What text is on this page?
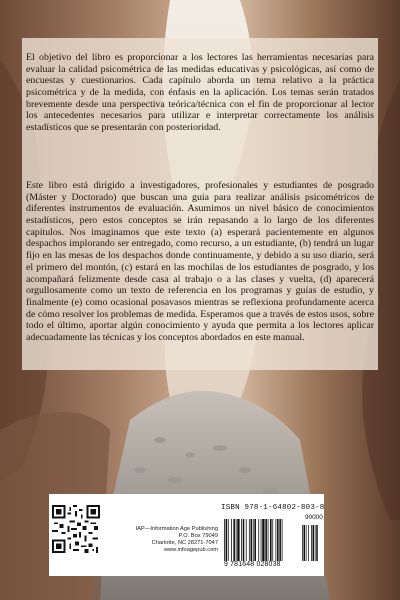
El objetivo del libro es proporcionar a los lectores las herramientas necesarias para evaluar la calidad psicométrica de las medidas educativas y psicológicas, así como de encuestas y cuestionarios. Cada capítulo aborda un tema relativo a la práctica psicométrica y de la medida, con énfasis en la aplicación. Los temas serán tratados brevemente desde una perspectiva teórica/técnica con el fin de proporcionar al lector los antecedentes necesarios para utilizar e interpretar correctamente los análisis estadísticos que se presentarán con posterioridad.

Este libro está dirigido a investigadores, profesionales y estudiantes de posgrado (Máster y Doctorado) que buscan una guía para realizar análisis psicométricos de diferentes instrumentos de evaluación. Asumimos un nivel básico de conocimientos estadísticos, pero estos conceptos se irán repasando a lo largo de los diferentes capítulos. Nos imaginamos que este texto (a) esperará pacientemente en algunos despachos implorando ser entregado, como recurso, a un estudiante, (b) tendrá un lugar fijo en las mesas de los despachos donde continuamente, y debido a su uso diario, será el primero del montón, (c) estará en las mochilas de los estudiantes de posgrado, y los acompañará felizmente desde casa al trabajo o a las clases y vuelta, (d) aparecerá orgullosamente como un texto de referencia en los programas y guías de estudio, y finalmente (e) como ocasional posavasos mientras se reflexiona profundamente acerca de cómo resolver los problemas de medida. Esperamos que a través de estos usos, sobre todo el último, aportar algún conocimiento y ayuda que permita a los lectores aplicar adecuadamente las técnicas y los conceptos abordados en este manual.

IAP—Information Age Publishing
P.O. Box 79049
Charlotte, NC 28271-7047
www.infoagepub.com
ISBN 978-1-64802-803-8
90000
9 781648 028038
